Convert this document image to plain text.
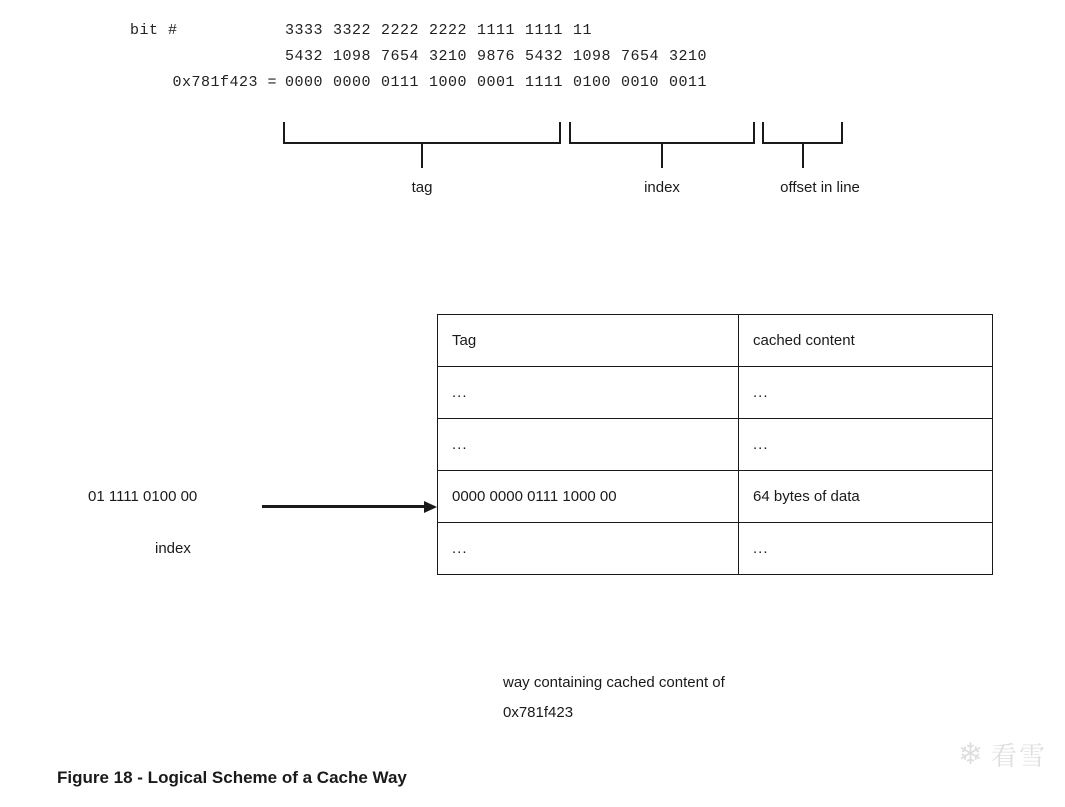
bit #	3333 3322 2222 2222 1111 1111 11
5432 1098 7654 3210 9876 5432 1098 7654 3210
0x781f423 = 0000 0000 0111 1000 0001 1111 0100 0010 0011
tag	index	offset in line
Tag	cached content
...	...
...	...
0000 0000 0111 1000 00	64 bytes of data
...	...
01 1111 0100 00
index
way containing cached content of
0x781f423
Figure 18 - Logical Scheme of a Cache Way
❄ 看雪
